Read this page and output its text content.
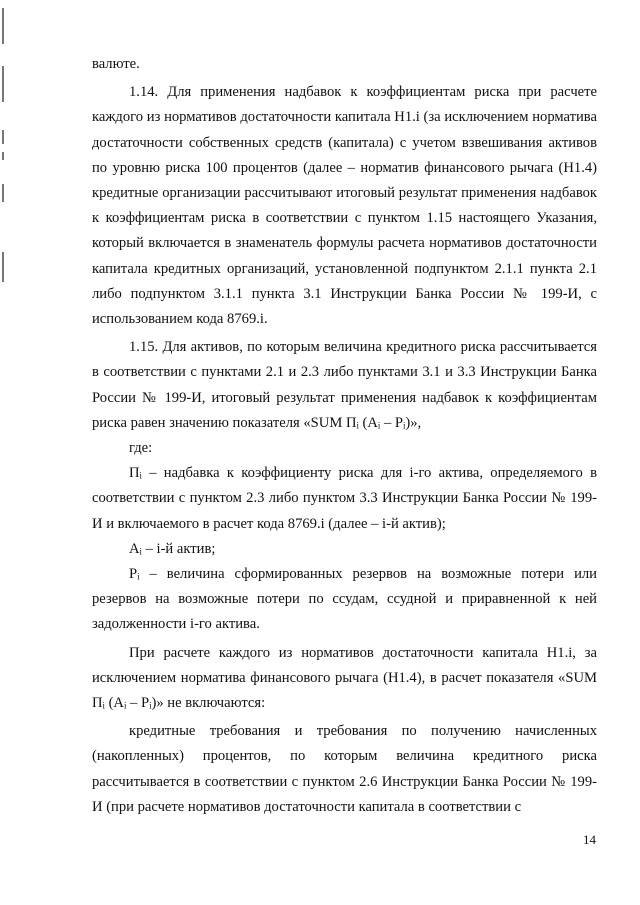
валюте.

1.14. Для применения надбавок к коэффициентам риска при расчете каждого из нормативов достаточности капитала Н1.i (за исключением норматива достаточности собственных средств (капитала) с учетом взвешивания активов по уровню риска 100 процентов (далее – норматив финансового рычага (Н1.4) кредитные организации рассчитывают итоговый результат применения надбавок к коэффициентам риска в соответствии с пунктом 1.15 настоящего Указания, который включается в знаменатель формулы расчета нормативов достаточности капитала кредитных организаций, установленной подпунктом 2.1.1 пункта 2.1 либо подпунктом 3.1.1 пункта 3.1 Инструкции Банка России № 199-И, с использованием кода 8769.i.

1.15. Для активов, по которым величина кредитного риска рассчитывается в соответствии с пунктами 2.1 и 2.3 либо пунктами 3.1 и 3.3 Инструкции Банка России № 199-И, итоговый результат применения надбавок к коэффициентам риска равен значению показателя «SUM Пᵢ (Aᵢ – Pᵢ)»,

где:

Пᵢ – надбавка к коэффициенту риска для i-го актива, определяемого в соответствии с пунктом 2.3 либо пунктом 3.3 Инструкции Банка России № 199-И и включаемого в расчет кода 8769.i (далее – i-й актив);

Aᵢ – i-й актив;

Pᵢ – величина сформированных резервов на возможные потери или резервов на возможные потери по ссудам, ссудной и приравненной к ней задолженности i-го актива.

При расчете каждого из нормативов достаточности капитала Н1.i, за исключением норматива финансового рычага (Н1.4), в расчет показателя «SUM Пᵢ (Aᵢ – Pᵢ)» не включаются:

кредитные требования и требования по получению начисленных (накопленных) процентов, по которым величина кредитного риска рассчитывается в соответствии с пунктом 2.6 Инструкции Банка России № 199-И (при расчете нормативов достаточности капитала в соответствии с

14
